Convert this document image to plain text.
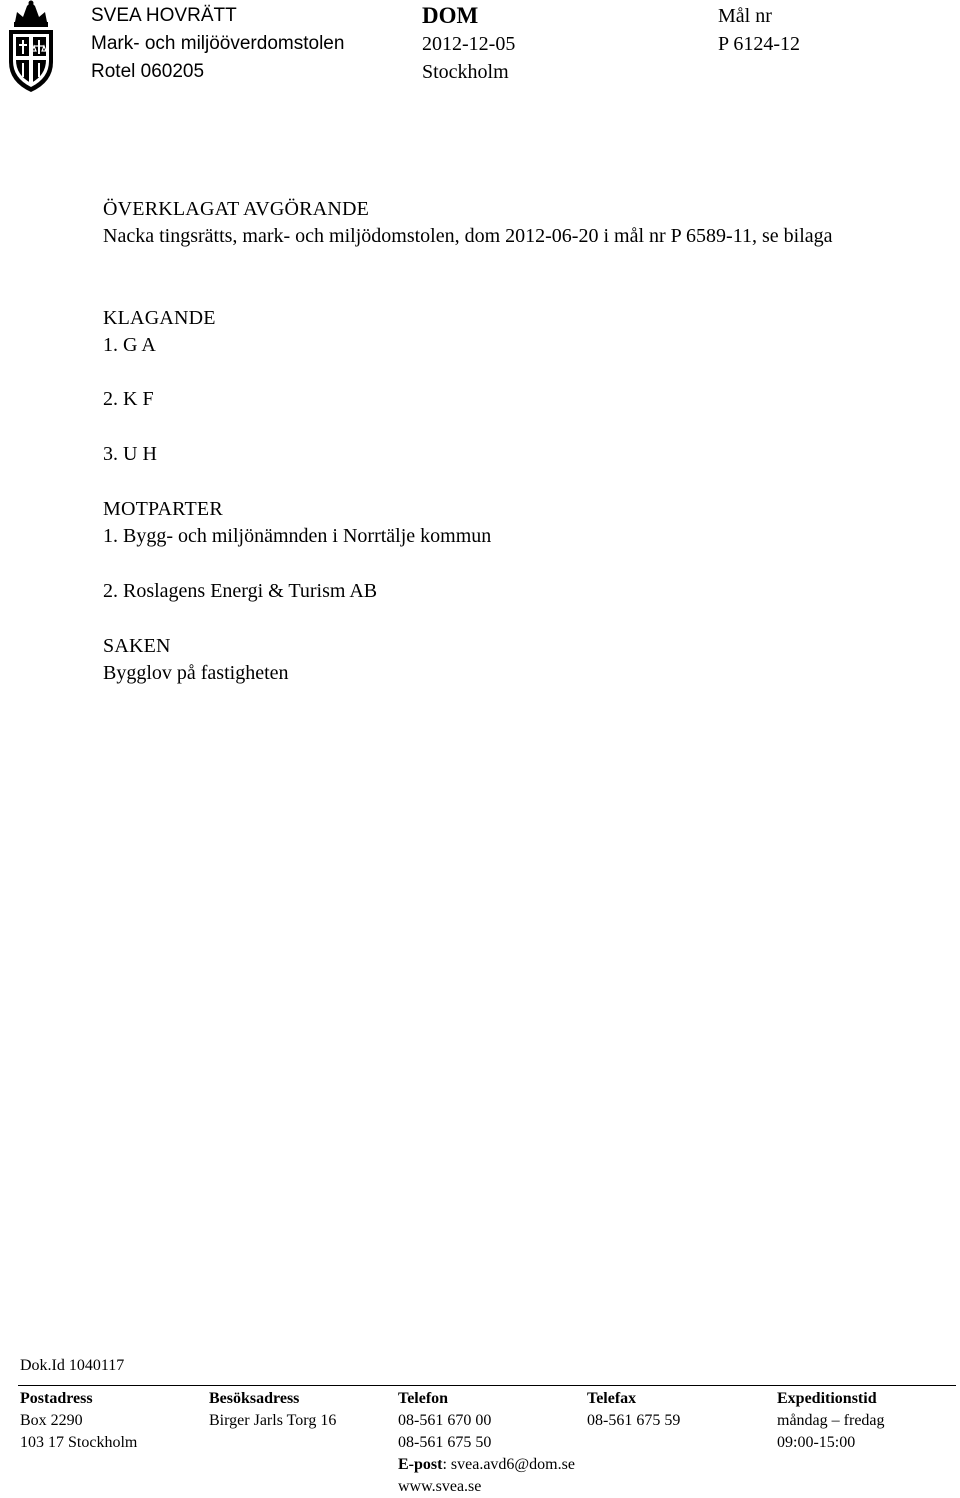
SVEA HOVRÄTT
Mark- och miljööverdomstolen
Rotel 060205
DOM
2012-12-05
Stockholm
Mål nr
P 6124-12
ÖVERKLAGAT AVGÖRANDE
Nacka tingsrätts, mark- och miljödomstolen, dom 2012-06-20 i mål nr P 6589-11, se bilaga
KLAGANDE
1. G A
2. K F
3. U H
MOTPARTER
1. Bygg- och miljönämnden i Norrtälje kommun
2. Roslagens Energi & Turism AB
SAKEN
Bygglov på fastigheten
Dok.Id 1040117
Postadress
Box 2290
103 17 Stockholm
Besöksadress
Birger Jarls Torg 16
Telefon
08-561 670 00
08-561 675 50
E-post: svea.avd6@dom.se
www.svea.se
Telefax
08-561 675 59
Expeditionstid
måndag – fredag
09:00-15:00
